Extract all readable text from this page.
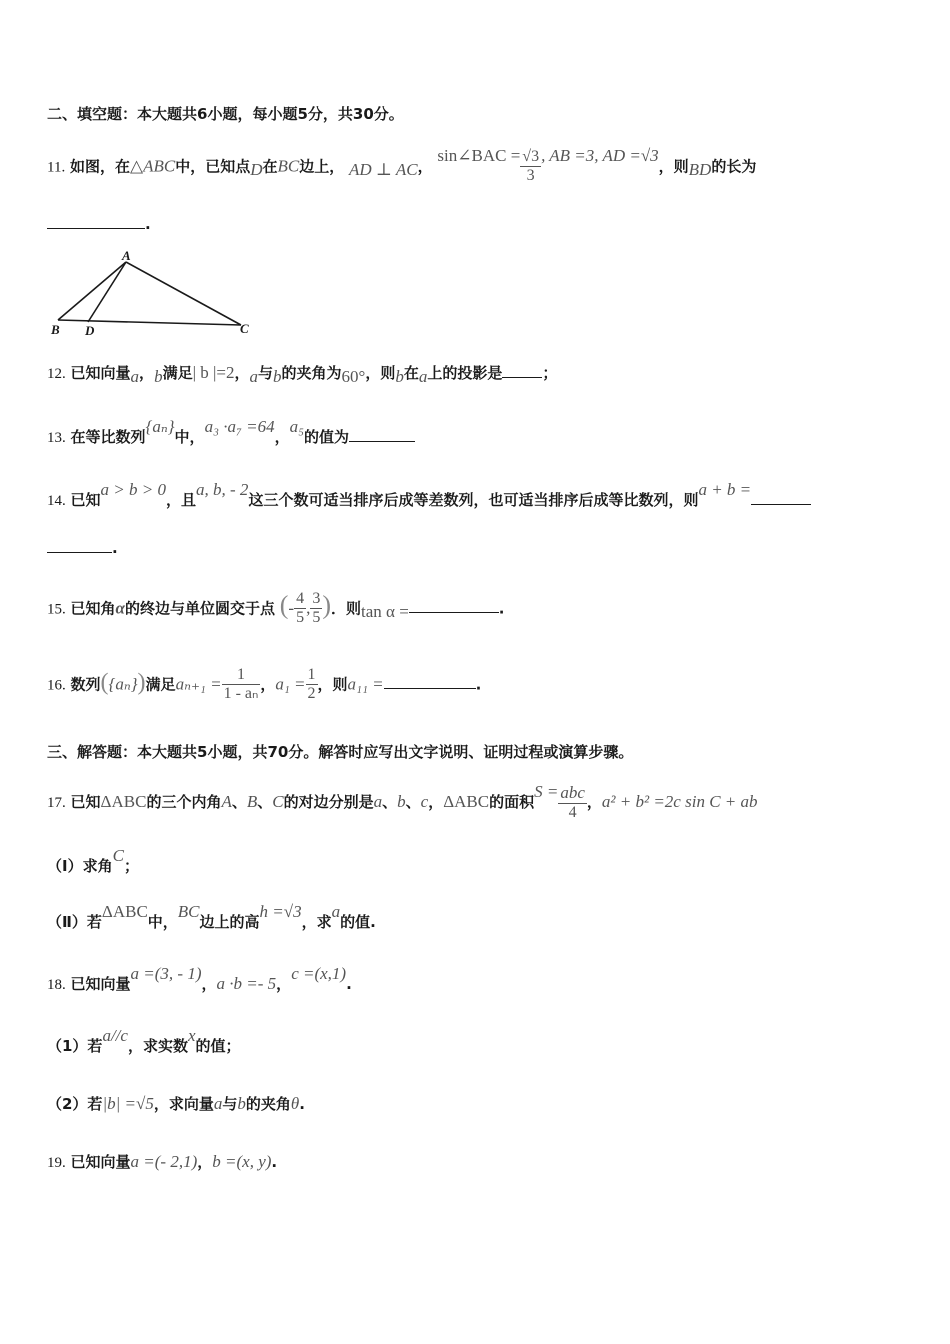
二、填空题：本大题共6小题，每小题5分，共30分。
11. 如图，在△ABC中，已知点D在BC边上， AD ⊥ AC， sin∠BAC = $\frac{√3}{3}$ , AB =3, AD =√3，则BD的长为
.
A
B D	C
12. 已知向量a，b满足| b |=2，a与b的夹角为60°，则b在a上的投影是	；
13. 在等比数列{aₙ}中，a₃ ·a₇ =64，a₅的值为
14. 已知a > b > 0，且a, b, - 2这三个数可适当排序后成等差数列，也可适当排序后成等比数列，则a + b =
.
15. 已知角α的终边与单位圆交于点 (- $\frac{4}{5}$ , $\frac{3}{5}$ )．则tan α =	.
16. 数列({aₙ})满足$a_{n+1} = \frac{1}{\text{1 - aₙ}}$ ，$a_1 = \frac{1}{2}$ ，则a₁₁ =	.
三、解答题：本大题共5小题，共70分。解答时应写出文字说明、证明过程或演算步骤。
17. 已知ΔABC的三个内角A、B、C的对边分别是a、b、c，ΔABC的面积$S = \frac{\text{abc}}{4}$ ，a² + b² =2c sin C + ab
（Ⅰ）求角C；
（Ⅱ）若ΔABC中，BC边上的高h =√3，求a的值.
18. 已知向量a =(3, - 1)，a ·b =- 5，c =(x,1).
（1）若a//c，求实数x的值；
（2）若|b| =√5，求向量a与b的夹角θ.
19. 已知向量a =(- 2,1)，b =(x, y).
